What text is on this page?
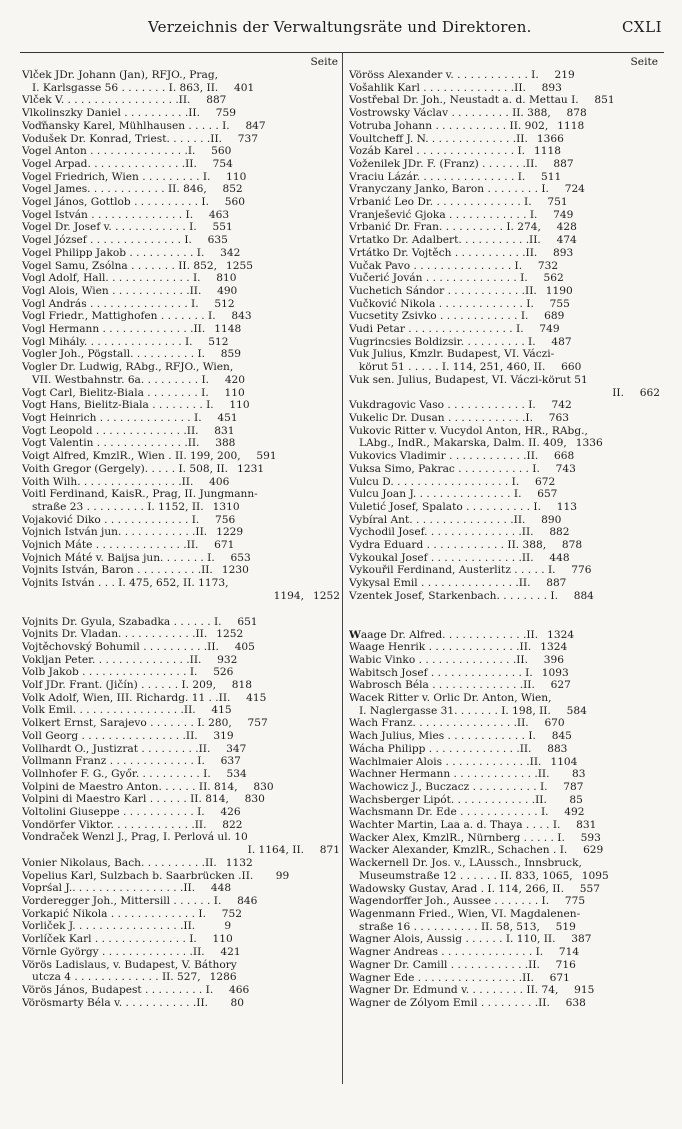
Verzeichnis der Verwaltungsräte und Direktoren.	CXLI
Seite
Vlček JDr. Johann (Jan), RFJO., Prag,
I. Karlsgasse 56 . . . . . . . I. 863, II.	401
Vlček V. . . . . . . . . . . . . . . . . .II.	887
Vlkolinszky Daniel . . . . . . . . . .II.	759
Voďňansky Karel, Mühlhausen . . . . . I.	847
Vodušek Dr. Konrad, Triest. . . . . . .II.	737
Vogel Anton . . . . . . . . . . . . . . .I.	560
Vogel Arpad. . . . . . . . . . . . . . .II.	754
Vogel Friedrich, Wien . . . . . . . . . I.	110
Vogel James. . . . . . . . . . . . II. 846,	852
Vogel János, Gottlob . . . . . . . . . . I.	560
Vogel István . . . . . . . . . . . . . . I.	463
Vogel Dr. Josef v. . . . . . . . . . . . I.	551
Vogel József . . . . . . . . . . . . . . I.	635
Vogel Philipp Jakob . . . . . . . . . . I.	342
Vogel Samu, Zsólna . . . . . . . II. 852, 1255
Vogl Adolf, Hall. . . . . . . . . . . . . I.	810
Vogl Alois, Wien . . . . . . . . . . . .II.	490
Vogl András . . . . . . . . . . . . . . . I.	512
Vogl Friedr., Mattighofen . . . . . . . I.	843
Vogl Hermann . . . . . . . . . . . . . .II. 1148
Vogl Mihály. . . . . . . . . . . . . . . I.	512
Vogler Joh., Pögstall. . . . . . . . . . I.	859
Vogler Dr. Ludwig, RAbg., RFJO., Wien,
VII. Westbahnstr. 6a. . . . . . . . . I.	420
Vogt Carl, Bielitz-Biala . . . . . . . . I.	110
Vogt Hans, Bielitz-Biala . . . . . . . . I.	110
Vogt Heinrich . . . . . . . . . . . . . . I.	451
Vogt Leopold . . . . . . . . . . . . . .II.	831
Vogt Valentin . . . . . . . . . . . . . .II.	388
Voigt Alfred, KmzlR., Wien . II. 199, 200,	591
Voith Gregor (Gergely). . . . . I. 508, II. 1231
Voith Wilh. . . . . . . . . . . . . . . .II.	406
Voitl Ferdinand, KaisR., Prag, II. Jungmann-
straße 23 . . . . . . . . . I. 1152, II. 1310
Vojaković Diko . . . . . . . . . . . . . I.	756
Vojnich István jun. . . . . . . . . . . .II. 1229
Vojnich Máte . . . . . . . . . . . . . .II.	671
Vojnich Máté v. Baijsa jun. . . . . . . I.	653
Vojnits István, Baron . . . . . . . . . .II. 1230
Vojnits István . . . I. 475, 652, II. 1173,
1194, 1252
Vojnits Dr. Gyula, Szabadka . . . . . . I.	651
Vojnits Dr. Vladan. . . . . . . . . . . .II. 1252
Vojtěchovský Bohumil . . . . . . . . . .II.	405
Vokljan Peter. . . . . . . . . . . . . . .II.	932
Volb Jakob . . . . . . . . . . . . . . . . I.	526
Volf JDr. Frant. (Jičín) . . . . . . I. 209,	818
Volk Adolf, Wien, III. Richardg. 11 . .II.	415
Volk Emil. . . . . . . . . . . . . . . . .II.	415
Volkert Ernst, Sarajevo . . . . . . . I. 280,	757
Voll Georg . . . . . . . . . . . . . . . .II.	319
Vollhardt O., Justizrat . . . . . . . . .II.	347
Vollmann Franz . . . . . . . . . . . . . I.	637
Vollnhofer F. G., Győr. . . . . . . . . . I.	534
Volpini de Maestro Anton. . . . . . II. 814,	830
Volpini di Maestro Karl . . . . . . II. 814,	830
Voltolini Giuseppe . . . . . . . . . . . I.	426
Vondörfer Viktor. . . . . . . . . . . . .II.	822
Vondraček Wenzl J., Prag, I. Perlová ul. 10
I. 1164, II. 871
Vonier Nikolaus, Bach. . . . . . . . . .II. 1132
Vopelius Karl, Sulzbach b. Saarbrücken .II.	99
Voprśal J.. . . . . . . . . . . . . . . . .II.	448
Vorderegger Joh., Mittersill . . . . . . I.	846
Vorkapić Nikola . . . . . . . . . . . . . I.	752
Vorliček J. . . . . . . . . . . . . . . . .II.	9
Vorlíček Karl . . . . . . . . . . . . . . I.	110
Vörnle György . . . . . . . . . . . . . .II.	421
Vörös Ladislaus, v. Budapest, V. Báthory
utcza 4 . . . . . . . . . . . . . II. 527, 1286
Vörös János, Budapest . . . . . . . . . I.	466
Vörösmarty Béla v. . . . . . . . . . . .II.	80
Seite
Vöröss Alexander v. . . . . . . . . . . . I.	219
Vošahlik Karl . . . . . . . . . . . . . .II.	893
Vostřebal Dr. Joh., Neustadt a. d. Mettau I.	851
Vostrowsky Václav . . . . . . . . . II. 388,	878
Votruba Johann . . . . . . . . . . . II. 902, 1118
Voultcheff J. N. . . . . . . . . . . . . .II. 1366
Vozáb Karel . . . . . . . . . . . . . . . I. 1118
Voženilek JDr. F. (Franz) . . . . . . .II.	887
Vraciu Lázár. . . . . . . . . . . . . . . I.	511
Vranyczany Janko, Baron . . . . . . . . I.	724
Vrbanić Leo Dr. . . . . . . . . . . . . . I.	751
Vranješević Gjoka . . . . . . . . . . . . I.	749
Vrbanić Dr. Fran. . . . . . . . . . I. 274,	428
Vrtatko Dr. Adalbert. . . . . . . . . . .II.	474
Vrtátko Dr. Vojtěch . . . . . . . . . . .II.	893
Vučak Pavo . . . . . . . . . . . . . . . I.	732
Vučerić Jován . . . . . . . . . . . . . . I.	562
Vuchetich Sándor . . . . . . . . . . . .II. 1190
Vučković Nikola . . . . . . . . . . . . . I.	755
Vucsetity Zsivko . . . . . . . . . . . . I.	689
Vudi Petar . . . . . . . . . . . . . . . . I.	749
Vugrincsies Boldizsir. . . . . . . . . . I.	487
Vuk Julius, Kmzlr. Budapest, VI. Váczi-
körut 51 . . . . . I. 114, 251, 460, II.	660
Vuk sen. Julius, Budapest, VI. Váczi-körut 51
II. 662
Vukdragovic Vaso . . . . . . . . . . . . I.	742
Vukelic Dr. Dusan . . . . . . . . . . . .I.	763
Vukovic Ritter v. Vucydol Anton, HR., RAbg.,
LAbg., IndR., Makarska, Dalm. II. 409, 1336
Vukovics Vladimir . . . . . . . . . . . .II.	668
Vuksa Simo, Pakrac . . . . . . . . . . . I.	743
Vulcu D. . . . . . . . . . . . . . . . . . I.	672
Vulcu Joan J. . . . . . . . . . . . . . . I.	657
Vuletić Josef, Spalato . . . . . . . . . . I.	113
Vybíral Ant. . . . . . . . . . . . . . . .II.	890
Vychodil Josef. . . . . . . . . . . . . . .II.	882
Vydra Eduard . . . . . . . . . . . . II. 388,	878
Vykoukal Josef . . . . . . . . . . . . . .II.	448
Vykouřil Ferdinand, Austerlitz . . . . . I.	776
Vykysal Emil . . . . . . . . . . . . . . .II.	887
Vzentek Josef, Starkenbach. . . . . . . . I.	884
Waage Dr. Alfred. . . . . . . . . . . . .II. 1324
Waage Henrik . . . . . . . . . . . . . .II. 1324
Wabic Vinko . . . . . . . . . . . . . . .II.	396
Wabitsch Josef . . . . . . . . . . . . . . I. 1093
Wabrosch Béla . . . . . . . . . . . . . .II.	627
Wacek Ritter v. Orlic Dr. Anton, Wien,
I. Naglergasse 31. . . . . . . I. 198, II.	584
Wach Franz. . . . . . . . . . . . . . . .II.	670
Wach Julius, Mies . . . . . . . . . . . . I.	845
Wácha Philipp . . . . . . . . . . . . . .II.	883
Wachlmaier Alois . . . . . . . . . . . . .II. 1104
Wachner Hermann . . . . . . . . . . . . .II.	83
Wachowicz J., Buczacz . . . . . . . . . . I.	787
Wachsberger Lipót. . . . . . . . . . . . .II.	85
Wachsmann Dr. Ede . . . . . . . . . . . . I.	492
Wachter Martin, Laa a. d. Thaya . . . . I.	831
Wacker Alex, KmzlR., Nürnberg . . . . . I.	593
Wacker Alexander, KmzlR., Schachen . I.	629
Wackernell Dr. Jos. v., LAussch., Innsbruck,
Museumstraße 12 . . . . . . II. 833, 1065, 1095
Wadowsky Gustav, Arad . I. 114, 266, II.	557
Wagendorffer Joh., Aussee . . . . . . . I.	775
Wagenmann Fried., Wien, VI. Magdalenen-
straße 16 . . . . . . . . . . II. 58, 513,	519
Wagner Alois, Aussig . . . . . . I. 110, II.	387
Wagner Andreas . . . . . . . . . . . . . . I.	714
Wagner Dr. Camill . . . . . . . . . . . .II.	716
Wagner Ede . . . . . . . . . . . . . . . .II.	671
Wagner Dr. Edmund v. . . . . . . . . II. 74,	915
Wagner de Zólyom Emil . . . . . . . . .II.	638
